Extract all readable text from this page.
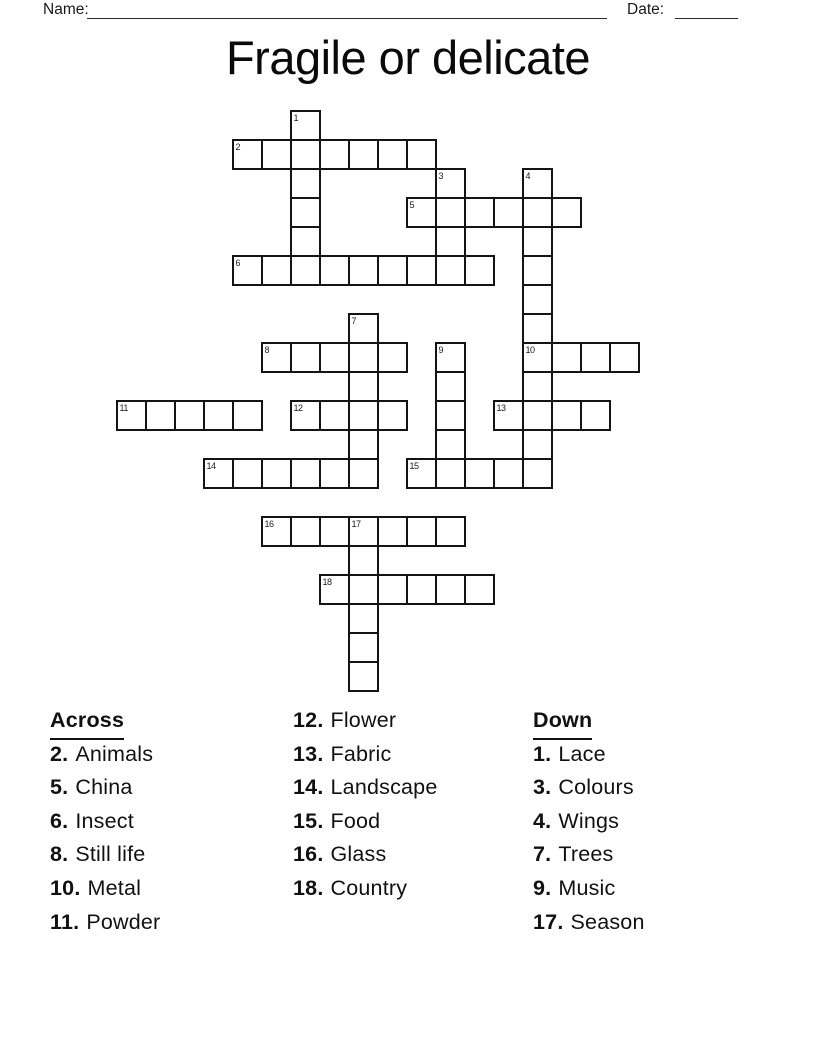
Name:	Date:
Fragile or delicate
1
2
3	4
10
5
6
7
8	9
11	12	13
14	15
16	17
18
Across
2. Animals
5. China
6. Insect
8. Still life
10. Metal
11. Powder
12. Flower
13. Fabric
14. Landscape
15. Food
16. Glass
18. Country
Down
1. Lace
3. Colours
4. Wings
7. Trees
9. Music
17. Season
